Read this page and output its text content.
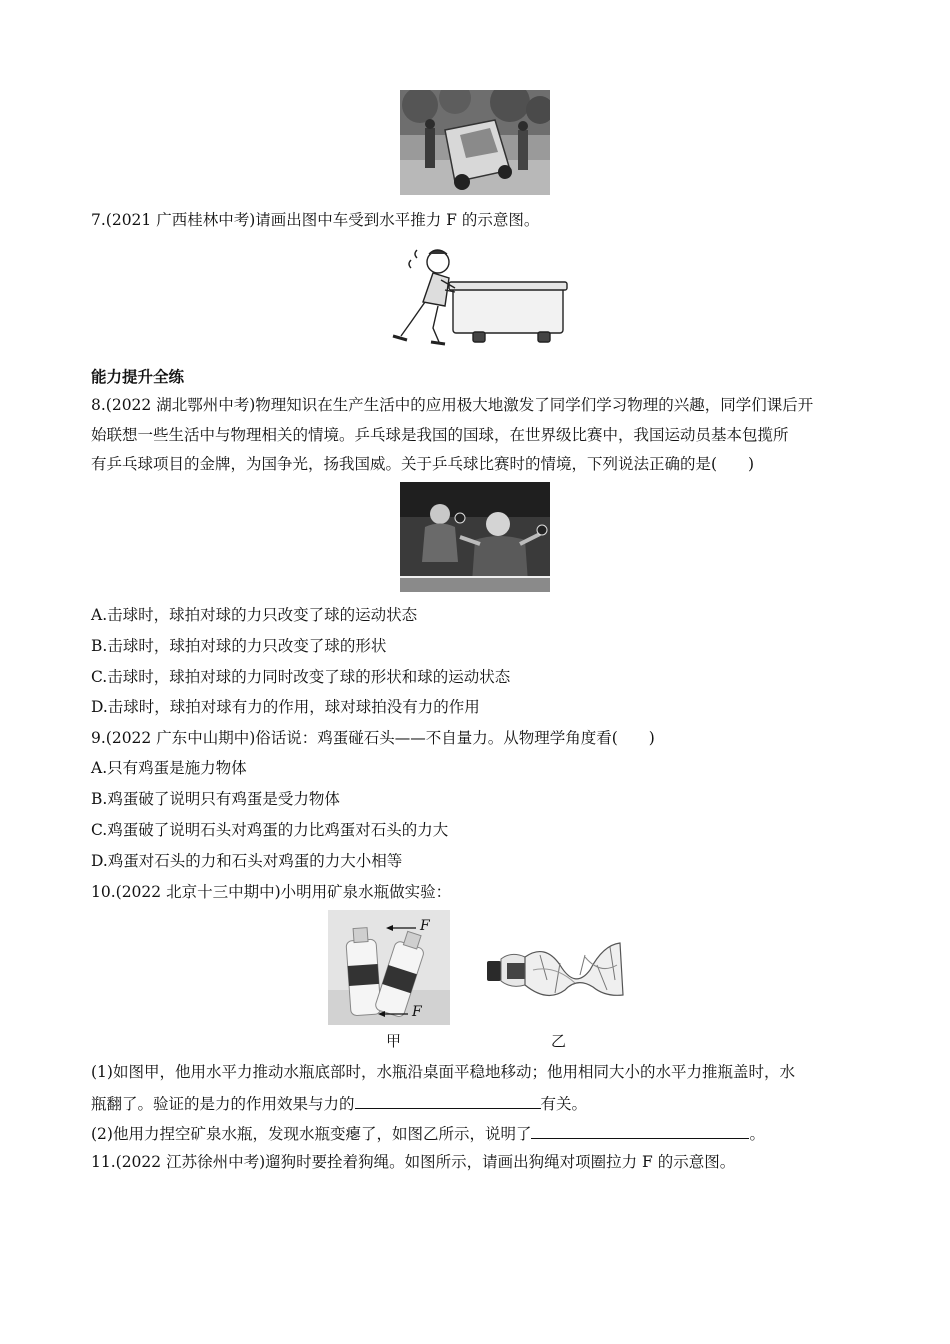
7.(2021 广西桂林中考)请画出图中车受到水平推力 F 的示意图。
能力提升全练
8.(2022 湖北鄂州中考)物理知识在生产生活中的应用极大地激发了同学们学习物理的兴趣，同学们课后开
始联想一些生活中与物理相关的情境。乒乓球是我国的国球，在世界级比赛中，我国运动员基本包揽所
有乒乓球项目的金牌，为国争光，扬我国威。关于乒乓球比赛时的情境，下列说法正确的是(　　)
A.击球时，球拍对球的力只改变了球的运动状态
B.击球时，球拍对球的力只改变了球的形状
C.击球时，球拍对球的力同时改变了球的形状和球的运动状态
D.击球时，球拍对球有力的作用，球对球拍没有力的作用
9.(2022 广东中山期中)俗话说：鸡蛋碰石头——不自量力。从物理学角度看(　　)
A.只有鸡蛋是施力物体
B.鸡蛋破了说明只有鸡蛋是受力物体
C.鸡蛋破了说明石头对鸡蛋的力比鸡蛋对石头的力大
D.鸡蛋对石头的力和石头对鸡蛋的力大小相等
10.(2022 北京十三中期中)小明用矿泉水瓶做实验：
F
F
甲	乙
(1)如图甲，他用水平力推动水瓶底部时，水瓶沿桌面平稳地移动；他用相同大小的水平力推瓶盖时，水
瓶翻了。验证的是力的作用效果与力的	有关。
(2)他用力捏空矿泉水瓶，发现水瓶变瘪了，如图乙所示，说明了	。
11.(2022 江苏徐州中考)遛狗时要拴着狗绳。如图所示，请画出狗绳对项圈拉力 F 的示意图。
